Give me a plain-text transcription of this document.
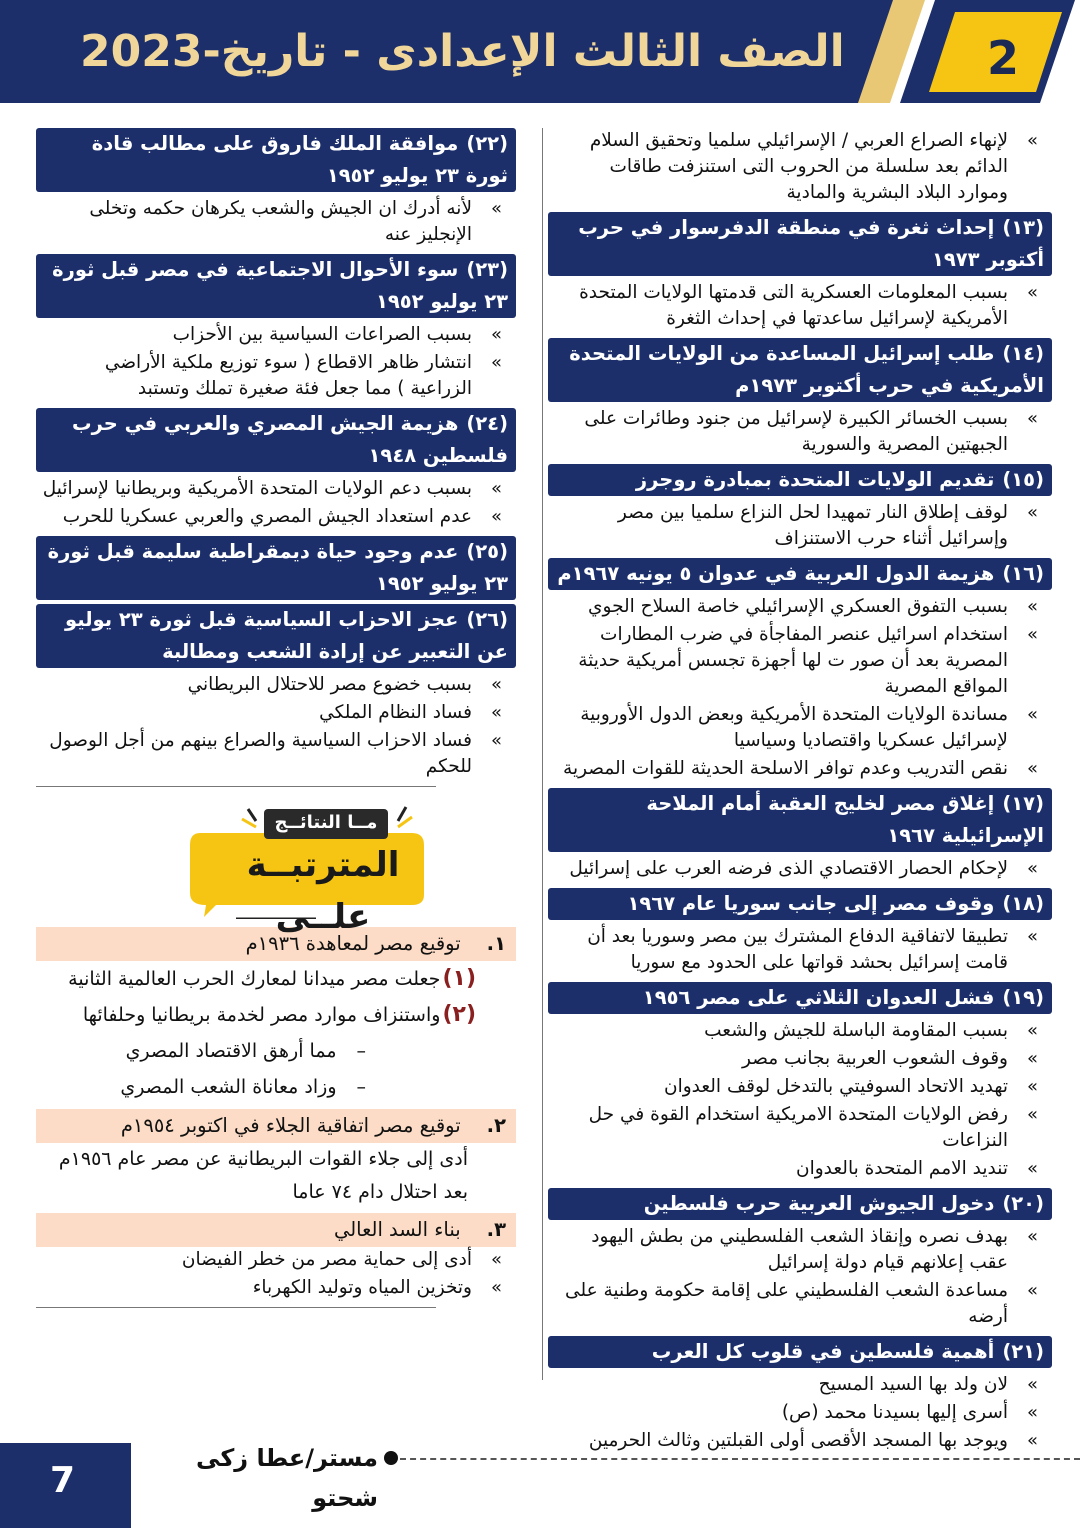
الصف الثالث الإعدادى - تاريخ-2023	2
» لإنهاء الصراع العربي / الإسرائيلي سلميا وتحقيق السلام الدائم بعد سلسلة من الحروب التى استنزفت طاقات وموارد البلاد البشرية والمادية
(١٣)إحداث ثغرة في منطقة الدفرسوار في حرب أكتوبر ١٩٧٣
» بسبب المعلومات العسكرية التى قدمتها الولايات المتحدة الأمريكية لإسرائيل ساعدتها في إحداث الثغرة
(١٤)طلب إسرائيل المساعدة من الولايات المتحدة الأمريكية في حرب أكتوبر ١٩٧٣م
» بسبب الخسائر الكبيرة لإسرائيل من جنود وطائرات على الجبهتين المصرية والسورية
(١٥)تقديم الولايات المتحدة بمبادرة روجرز
» لوقف إطلاق النار تمهيدا لحل النزاع سلميا بين مصر وإسرائيل أثناء حرب الاستنزاف
(١٦)هزيمة الدول العربية في عدوان ٥ يونيه ١٩٦٧م
» بسبب التفوق العسكري الإسرائيلي خاصة السلاح الجوي
» استخدام اسرائيل عنصر المفاجأة في ضرب المطارات المصرية بعد أن صور ت لها أجهزة تجسس أمريكية حديثة المواقع المصرية
» مساندة الولايات المتحدة الأمريكية وبعض الدول الأوروبية لإسرائيل عسكريا واقتصاديا وسياسيا
» نقص التدريب وعدم توافر الاسلحة الحديثة للقوات المصرية
(١٧)إغلاق مصر لخليج العقبة أمام الملاحة الإسرائيلية ١٩٦٧
» لإحكام الحصار الاقتصادي الذى فرضه العرب على إسرائيل
(١٨)وقوف مصر إلى جانب سوريا عام ١٩٦٧
» تطبيقا لاتفاقية الدفاع المشترك بين مصر وسوريا بعد أن قامت إسرائيل بحشد قواتها على الحدود مع سوريا
(١٩)فشل العدوان الثلاثي على مصر ١٩٥٦
» بسبب المقاومة الباسلة للجيش والشعب
» وقوف الشعوب العربية بجانب مصر
» تهديد الاتحاد السوفيتي بالتدخل لوقف العدوان
» رفض الولايات المتحدة الامريكية استخدام القوة في حل النزاعات
» تنديد الامم المتحدة بالعدوان
(٢٠)دخول الجيوش العربية حرب فلسطين
» بهدف نصره وإنقاذ الشعب الفلسطيني من بطش اليهود عقب إعلانهم قيام دولة إسرائيل
» مساعدة الشعب الفلسطيني على إقامة حكومة وطنية على أرضه
(٢١)أهمية فلسطين في قلوب كل العرب
» لان ولد بها السيد المسيح
» أسرى إليها بسيدنا محمد (ص)
» ويوجد بها المسجد الأقصى أولى القبلتين وثالث الحرمين
(٢٢)موافقة الملك فاروق على مطالب قادة ثورة ٢٣ يوليو ١٩٥٢
» لأنه أدرك ان الجيش والشعب يكرهان حكمه وتخلى الإنجليز عنه
(٢٣)سوء الأحوال الاجتماعية في مصر قبل ثورة ٢٣ يوليو ١٩٥٢
» بسبب الصراعات السياسية بين الأحزاب
» انتشار ظاهر الاقطاع ( سوء توزيع ملكية الأراضي الزراعية ) مما جعل فئة صغيرة تملك وتستبد
(٢٤)هزيمة الجيش المصري والعربي في حرب فلسطين ١٩٤٨
» بسبب دعم الولايات المتحدة الأمريكية وبريطانيا لإسرائيل
» عدم استعداد الجيش المصري والعربي عسكريا للحرب
(٢٥)عدم وجود حياة ديمقراطية سليمة قبل ثورة ٢٣ يوليو ١٩٥٢
(٢٦)عجز الاحزاب السياسية قبل ثورة ٢٣ يوليو عن التعبير عن إرادة الشعب ومطالبة
» بسبب خضوع مصر للاحتلال البريطاني
» فساد النظام الملكي
» فساد الاحزاب السياسية والصراع بينهم من أجل الوصول للحكم
مــا النتائــج
المترتبــة علــى
١.توقيع مصر لمعاهدة ١٩٣٦م
(١)جعلت مصر ميدانا لمعارك الحرب العالمية الثانية
(٢)واستنزاف موارد مصر لخدمة بريطانيا وحلفائها
–مما أرهق الاقتصاد المصري
–وزاد معاناة الشعب المصري
٢.توقيع مصر اتفاقية الجلاء في اكتوبر ١٩٥٤م
أدى إلى جلاء القوات البريطانية عن مصر عام ١٩٥٦م بعد احتلال دام ٧٤ عاما
٣.بناء السد العالي
» أدى إلى حماية مصر من خطر الفيضان
» وتخزين المياه وتوليد الكهرباء
7
مستر/عطا زكى شحتو
